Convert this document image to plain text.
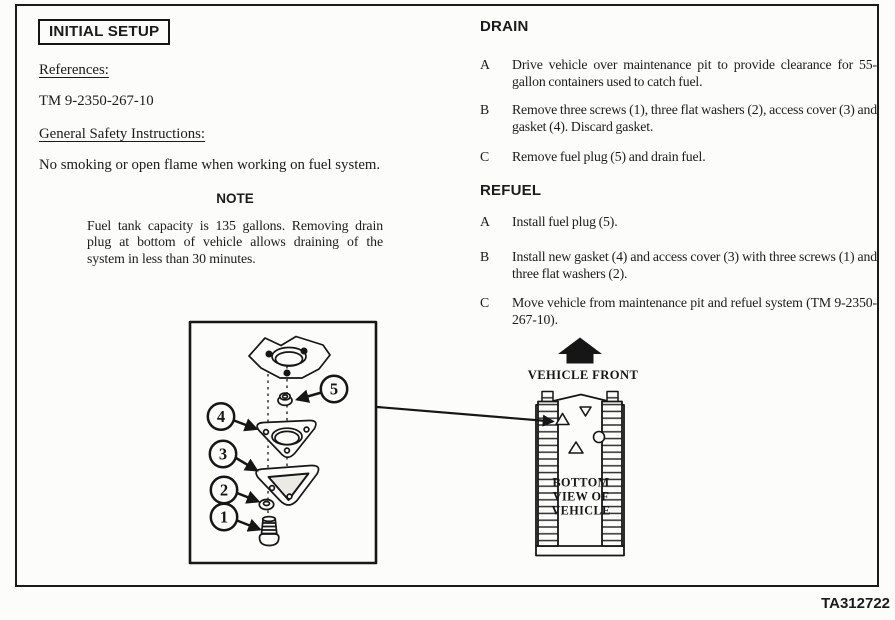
INITIAL SETUP
References:
TM 9-2350-267-10
General Safety Instructions:
No smoking or open flame when working on fuel system.
NOTE
Fuel tank capacity is 135 gallons. Removing drain plug at bottom of vehicle allows draining of the system in less than 30 minutes.
DRAIN
A	Drive vehicle over maintenance pit to provide clearance for 55-gallon containers used to catch fuel.
B	Remove three screws (1), three flat washers (2), access cover (3) and gasket (4). Discard gasket.
C	Remove fuel plug (5) and drain fuel.
REFUEL
A	Install fuel plug (5).
B	Install new gasket (4) and access cover (3) with three screws (1) and three flat washers (2).
C	Move vehicle from maintenance pit and refuel system (TM 9-2350-267-10).
5
4
3
2
1
VEHICLE FRONT
BOTTOM
VIEW OF
VEHICLE
TA312722
